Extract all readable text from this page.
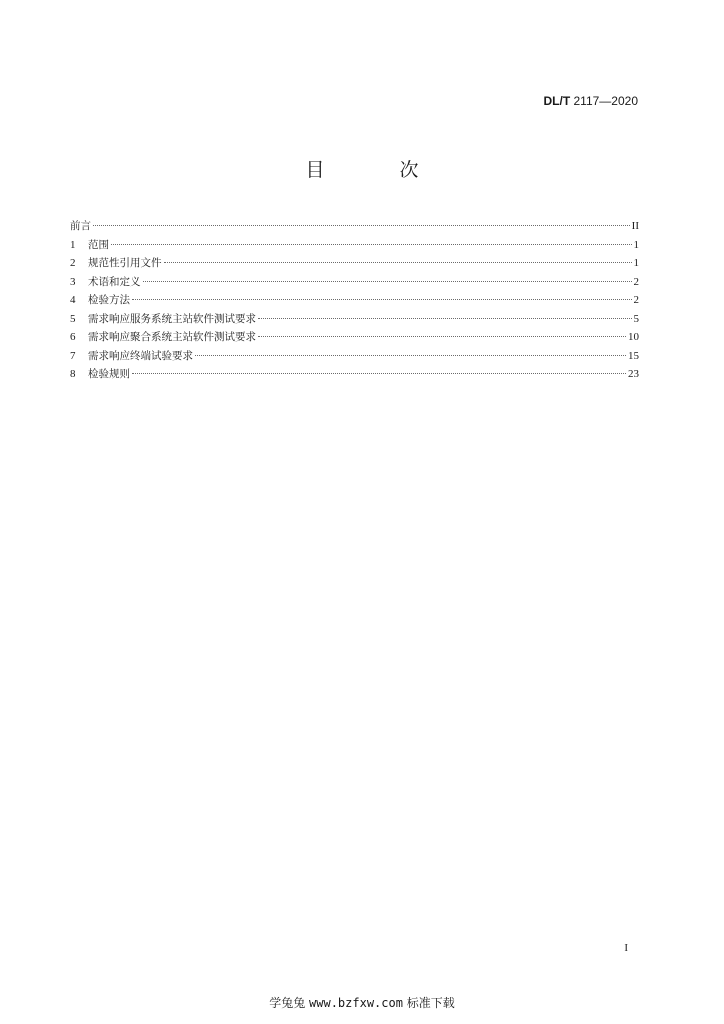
DL/T 2117—2020
目　次
前言	II
1	范围	1
2	规范性引用文件	1
3	术语和定义	2
4	检验方法	2
5	需求响应服务系统主站软件测试要求	5
6	需求响应聚合系统主站软件测试要求	10
7	需求响应终端试验要求	15
8	检验规则	23
I
学兔兔 www.bzfxw.com 标准下载
